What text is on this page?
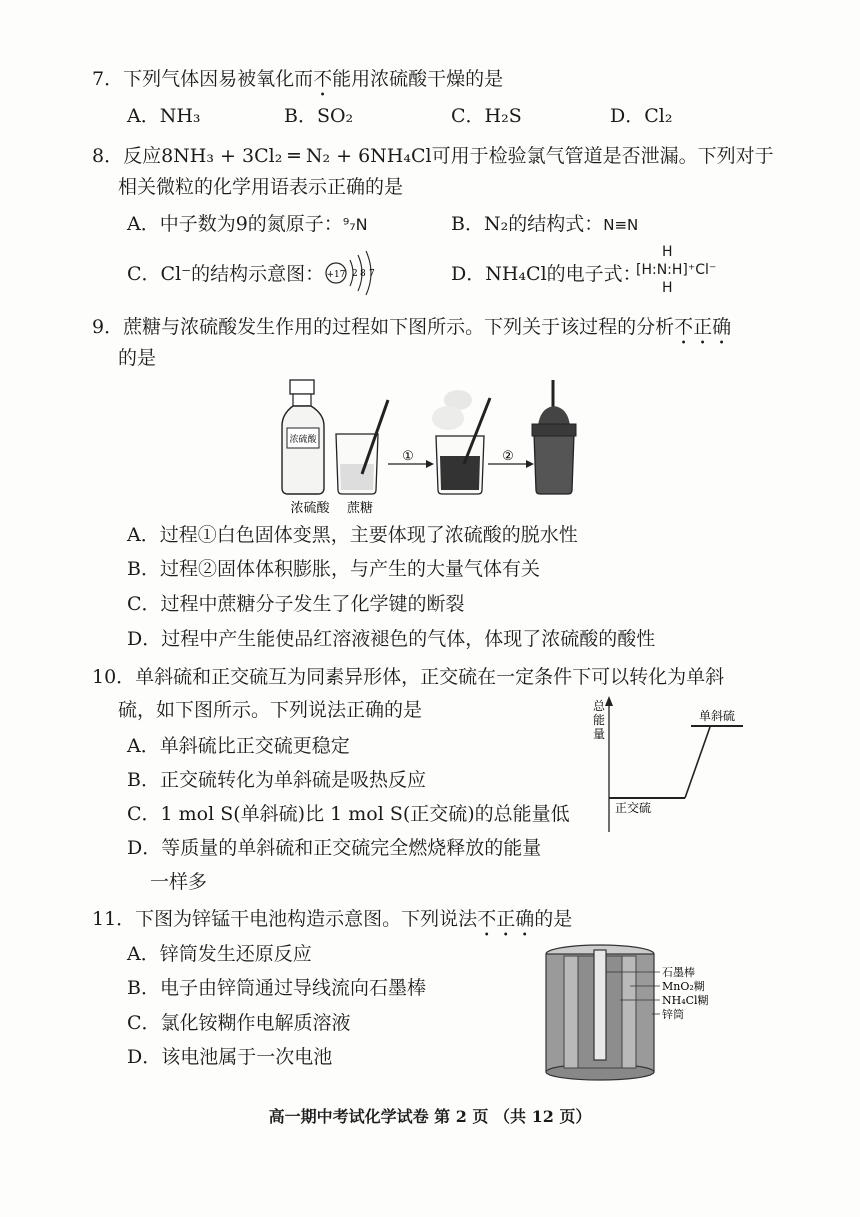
7．下列气体因易被氧化而不能用浓硫酸干燥的是
A．NH₃	B．SO₂	C．H₂S	D．Cl₂
8．反应8NH₃ + 3Cl₂ ═ N₂ + 6NH₄Cl可用于检验氯气管道是否泄漏。下列对于
相关微粒的化学用语表示正确的是
A．中子数为9的氮原子：⁹₇N	B．N₂的结构式：N≡N
C．Cl⁻的结构示意图： +17 2 8 7	D．NH₄Cl的电子式：
H
[H:N:H]⁺Cl⁻
H
9．蔗糖与浓硫酸发生作用的过程如下图所示。下列关于该过程的分析不正确
的是
浓硫酸
①	②
浓硫酸 蔗糖
A．过程①白色固体变黑，主要体现了浓硫酸的脱水性
B．过程②固体体积膨胀，与产生的大量气体有关
C．过程中蔗糖分子发生了化学键的断裂
D．过程中产生能使品红溶液褪色的气体，体现了浓硫酸的酸性
10．单斜硫和正交硫互为同素异形体，正交硫在一定条件下可以转化为单斜
硫，如下图所示。下列说法正确的是
A．单斜硫比正交硫更稳定
B．正交硫转化为单斜硫是吸热反应
C．1 mol S(单斜硫)比 1 mol S(正交硫)的总能量低
D．等质量的单斜硫和正交硫完全燃烧释放的能量
一样多
总
能
量
单斜硫
正交硫
11．下图为锌锰干电池构造示意图。下列说法不正确的是
A．锌筒发生还原反应
B．电子由锌筒通过导线流向石墨棒
C．氯化铵糊作电解质溶液
D．该电池属于一次电池
石墨棒
MnO₂糊
NH₄Cl糊
锌筒
高一期中考试化学试卷 第 2 页 （共 12 页）
